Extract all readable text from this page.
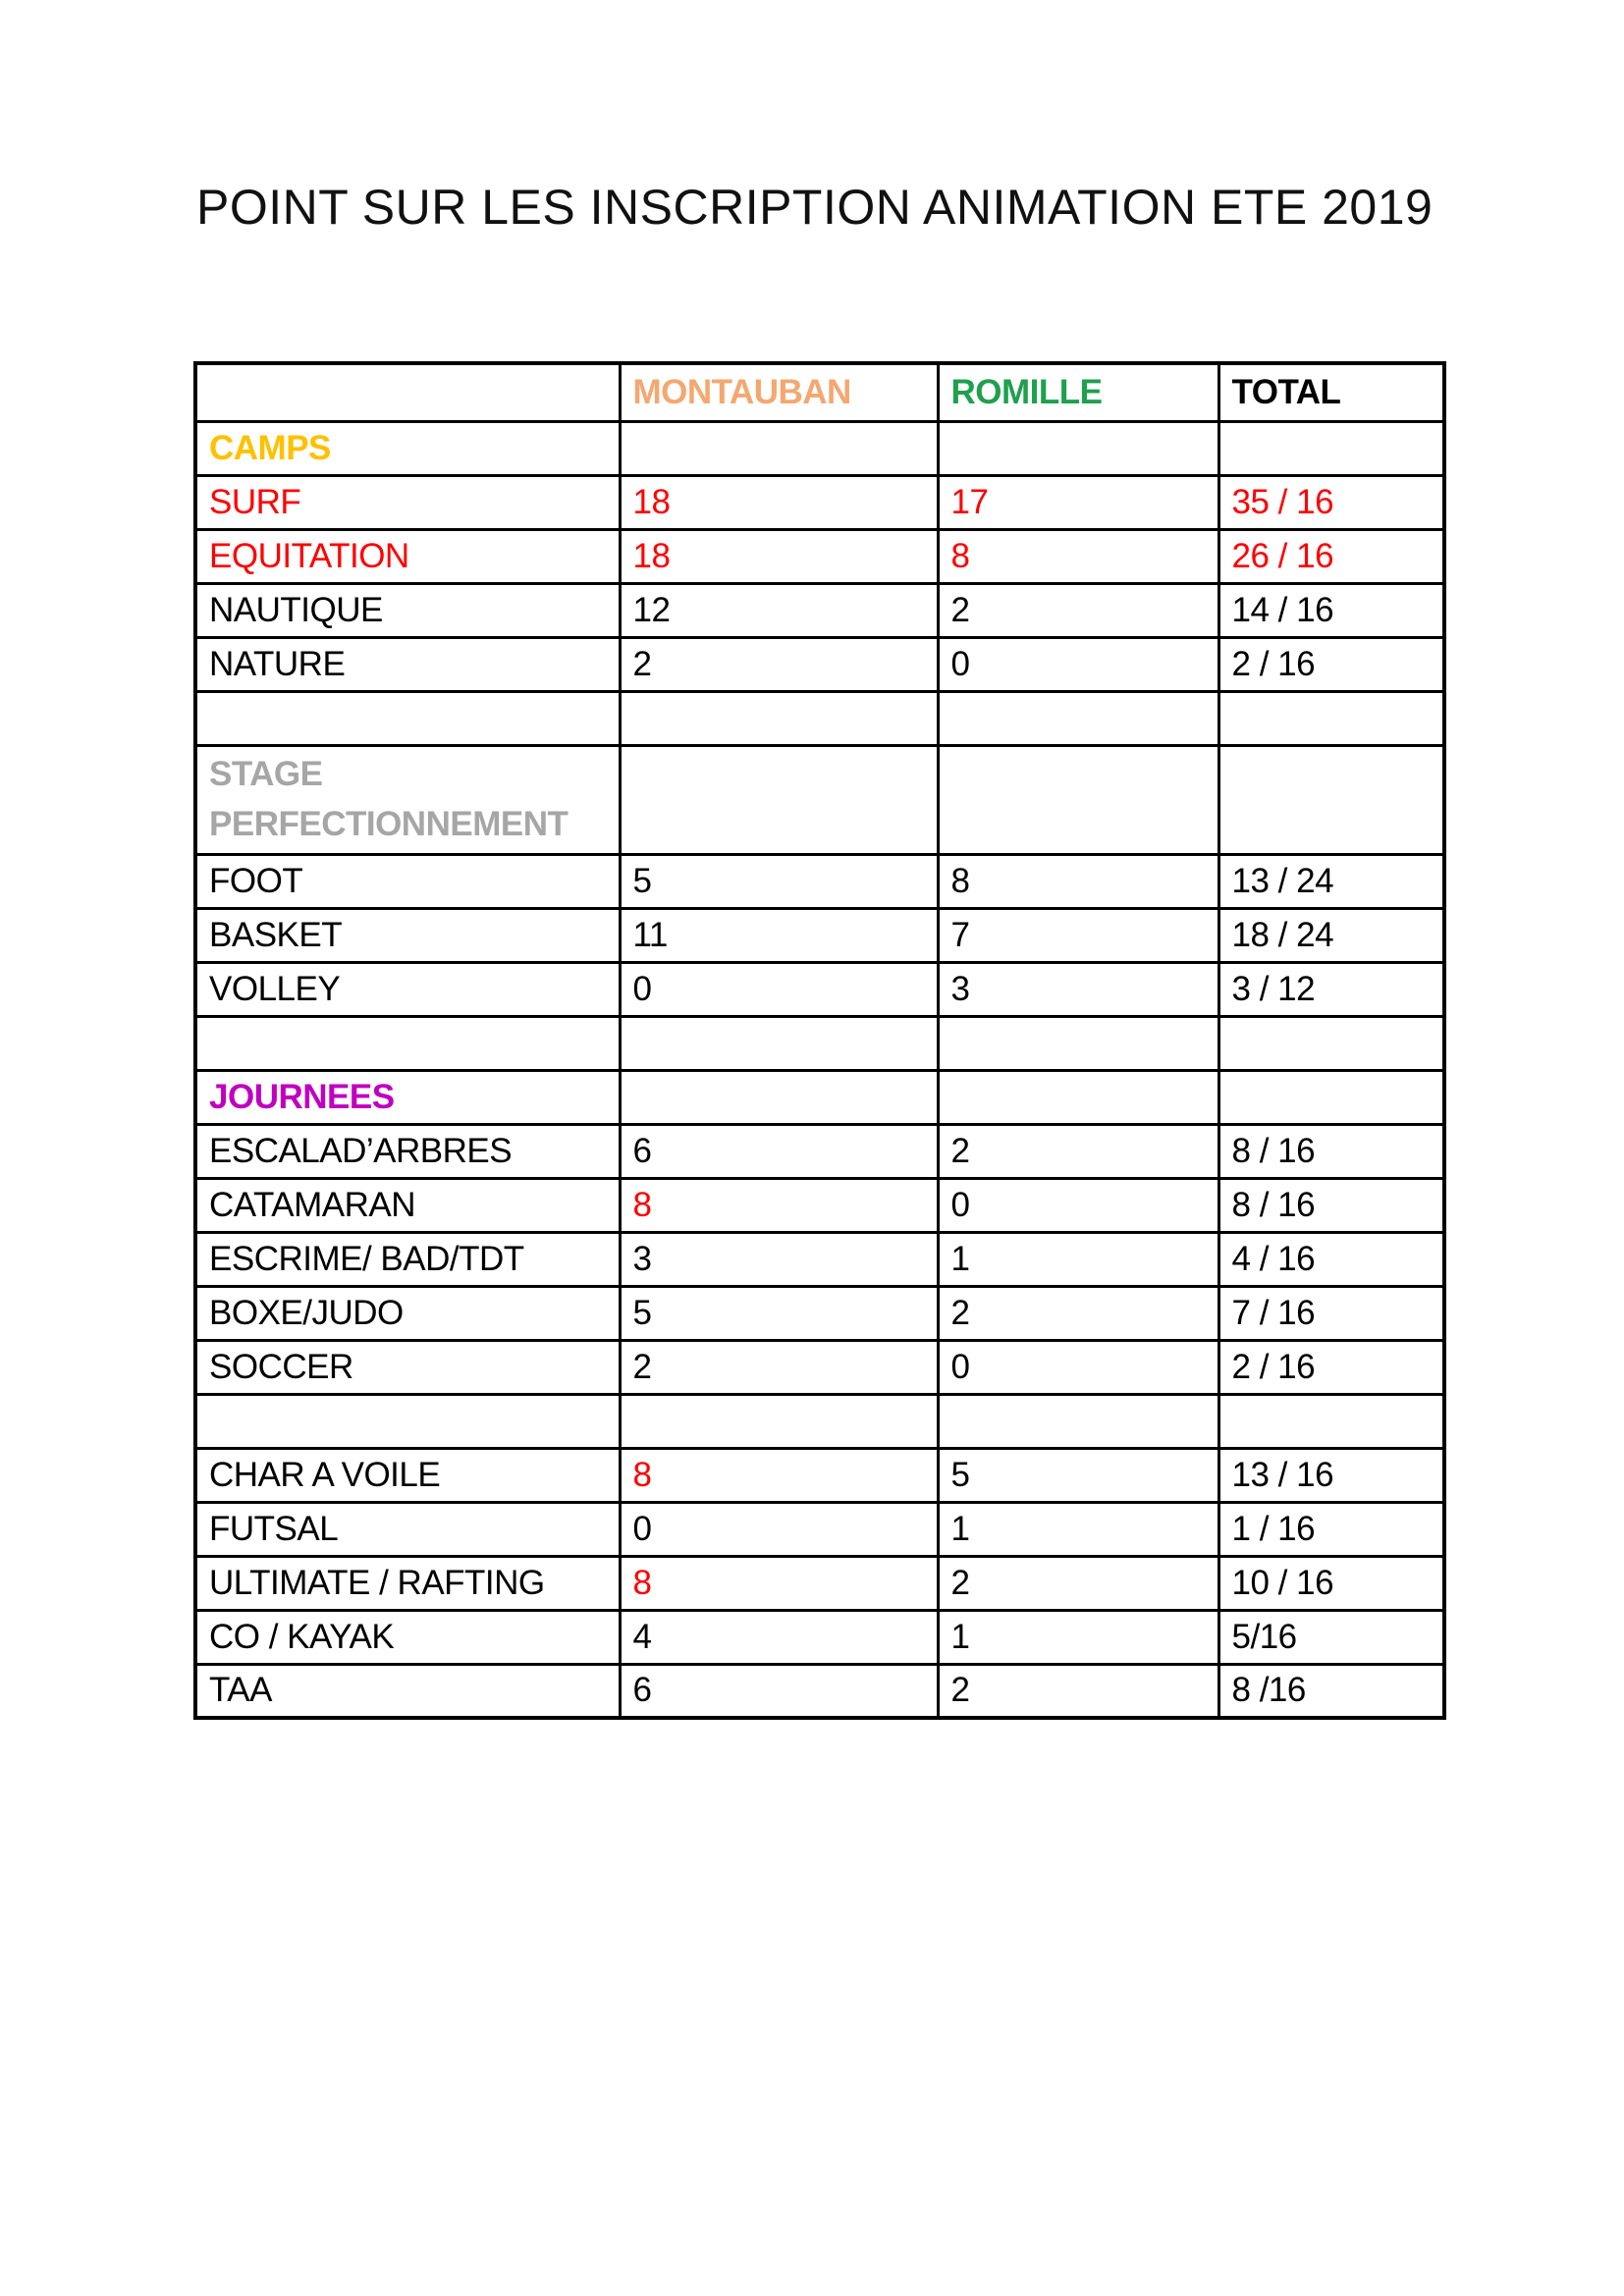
POINT SUR LES INSCRIPTION ANIMATION ETE 2019
	MONTAUBAN	ROMILLE	TOTAL
CAMPS			
SURF	18	17	35 / 16
EQUITATION	18	8	26 / 16
NAUTIQUE	12	2	14 / 16
NATURE	2	0	2 / 16

STAGE PERFECTIONNEMENT			
FOOT	5	8	13 / 24
BASKET	11	7	18 / 24
VOLLEY	0	3	3 / 12

JOURNEES			
ESCALAD’ARBRES	6	2	8 / 16
CATAMARAN	8	0	8 / 16
ESCRIME/ BAD/TDT	3	1	4 / 16
BOXE/JUDO	5	2	7 / 16
SOCCER	2	0	2 / 16

CHAR A VOILE	8	5	13 / 16
FUTSAL	0	1	1 / 16
ULTIMATE / RAFTING	8	2	10 / 16
CO / KAYAK	4	1	5/16
TAA	6	2	8 /16
